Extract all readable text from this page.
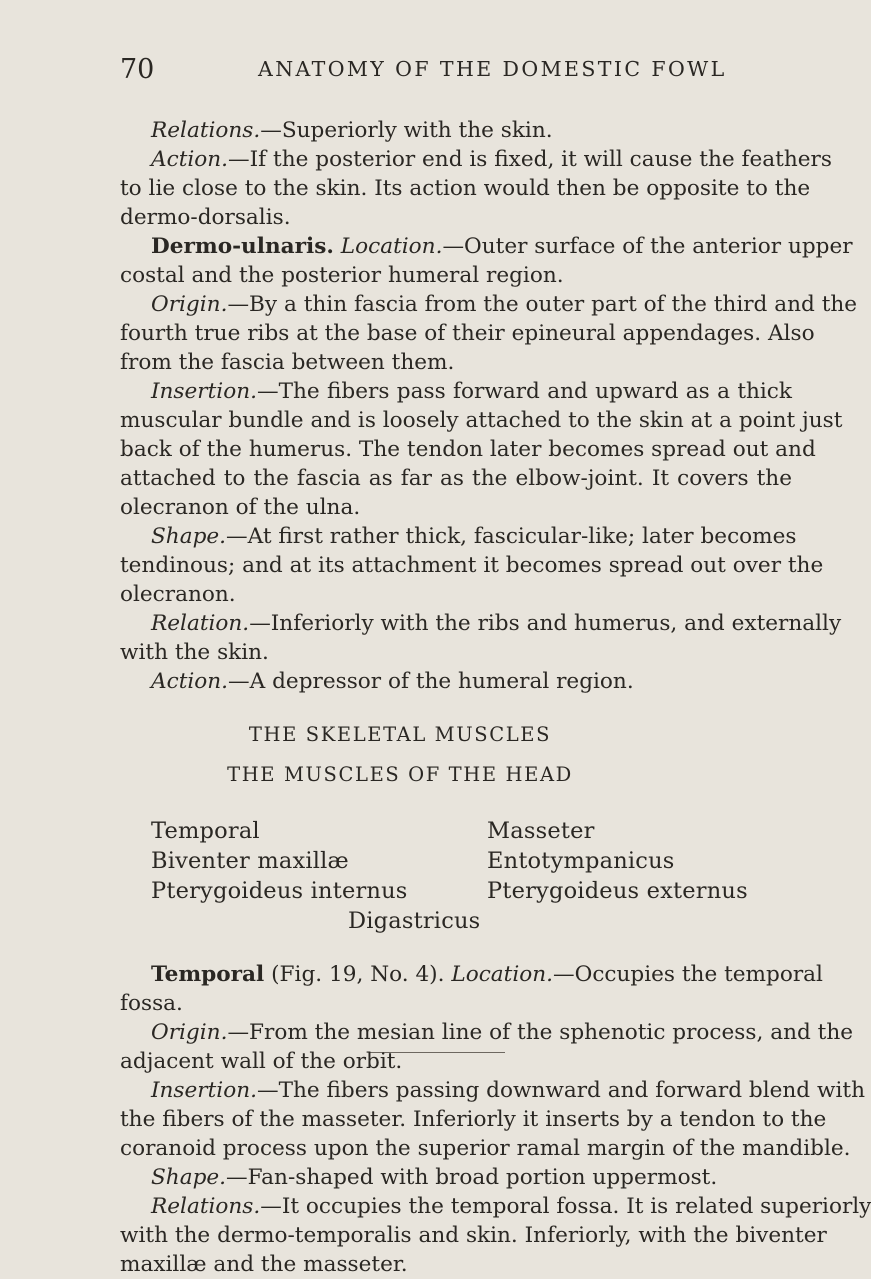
70	ANATOMY OF THE DOMESTIC FOWL
Relations.—Superiorly with the skin.
Action.—If the posterior end is fixed, it will cause the feathers
to lie close to the skin. Its action would then be opposite to the
dermo-dorsalis.
Dermo-ulnaris. Location.—Outer surface of the anterior upper
costal and the posterior humeral region.
Origin.—By a thin fascia from the outer part of the third and the
fourth true ribs at the base of their epineural appendages. Also
from the fascia between them.
Insertion.—The fibers pass forward and upward as a thick
muscular bundle and is loosely attached to the skin at a point just
back of the humerus. The tendon later becomes spread out and
attached to the fascia as far as the elbow-joint. It covers the
olecranon of the ulna.
Shape.—At first rather thick, fascicular-like; later becomes
tendinous; and at its attachment it becomes spread out over the
olecranon.
Relation.—Inferiorly with the ribs and humerus, and externally
with the skin.
Action.—A depressor of the humeral region.
THE SKELETAL MUSCLES
THE MUSCLES OF THE HEAD
Temporal
Biventer maxillæ
Pterygoideus internus
Masseter
Entotympanicus
Pterygoideus externus
Digastricus
Temporal (Fig. 19, No. 4). Location.—Occupies the temporal
fossa.
Origin.—From the mesian line of the sphenotic process, and the
adjacent wall of the orbit.
Insertion.—The fibers passing downward and forward blend with
the fibers of the masseter. Inferiorly it inserts by a tendon to the
coranoid process upon the superior ramal margin of the mandible.
Shape.—Fan-shaped with broad portion uppermost.
Relations.—It occupies the temporal fossa. It is related superiorly
with the dermo-temporalis and skin. Inferiorly, with the biventer
maxillæ and the masseter.
